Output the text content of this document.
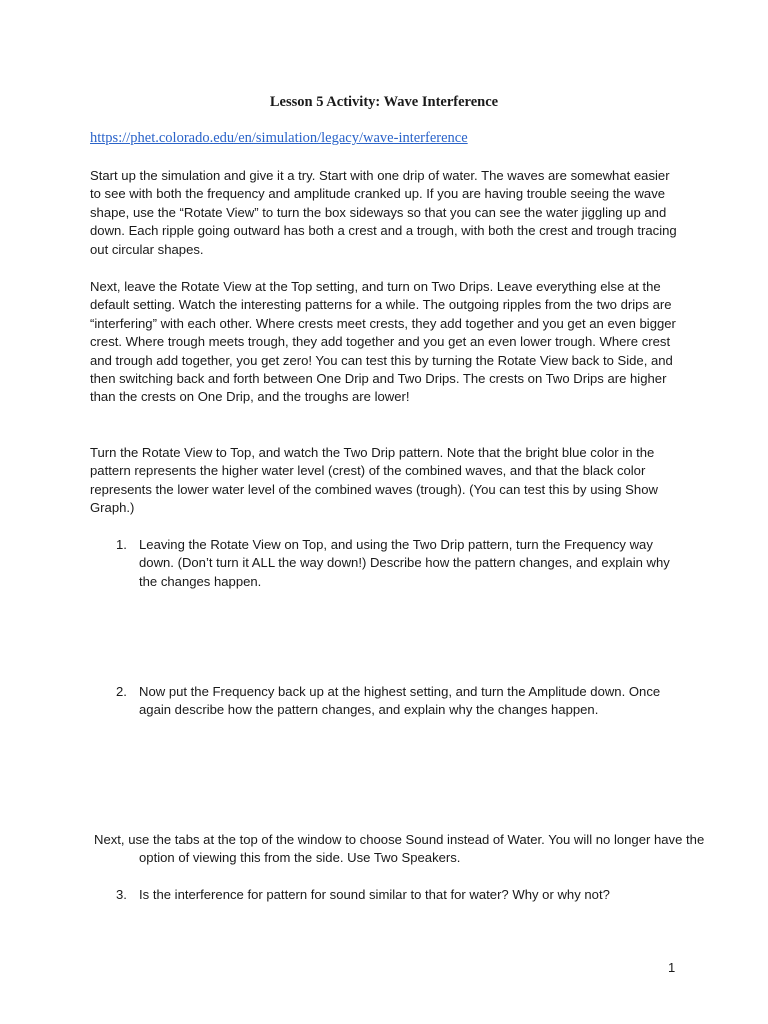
Lesson 5 Activity: Wave Interference
https://phet.colorado.edu/en/simulation/legacy/wave-interference

Start up the simulation and give it a try. Start with one drip of water. The waves are somewhat easier to see with both the frequency and amplitude cranked up. If you are having trouble seeing the wave shape, use the “Rotate View” to turn the box sideways so that you can see the water jiggling up and down. Each ripple going outward has both a crest and a trough, with both the crest and trough tracing out circular shapes.

Next, leave the Rotate View at the Top setting, and turn on Two Drips. Leave everything else at the default setting. Watch the interesting patterns for a while. The outgoing ripples from the two drips are “interfering” with each other. Where crests meet crests, they add together and you get an even bigger crest. Where trough meets trough, they add together and you get an even lower trough. Where crest and trough add together, you get zero! You can test this by turning the Rotate View back to Side, and then switching back and forth between One Drip and Two Drips. The crests on Two Drips are higher than the crests on One Drip, and the troughs are lower!

Turn the Rotate View to Top, and watch the Two Drip pattern. Note that the bright blue color in the pattern represents the higher water level (crest) of the combined waves, and that the black color represents the lower water level of the combined waves (trough). (You can test this by using Show Graph.)

1. Leaving the Rotate View on Top, and using the Two Drip pattern, turn the Frequency way down. (Don’t turn it ALL the way down!) Describe how the pattern changes, and explain why the changes happen.
2. Now put the Frequency back up at the highest setting, and turn the Amplitude down. Once again describe how the pattern changes, and explain why the changes happen.
Next, use the tabs at the top of the window to choose Sound instead of Water. You will no longer have the option of viewing this from the side. Use Two Speakers.
3. Is the interference for pattern for sound similar to that for water? Why or why not?
1
